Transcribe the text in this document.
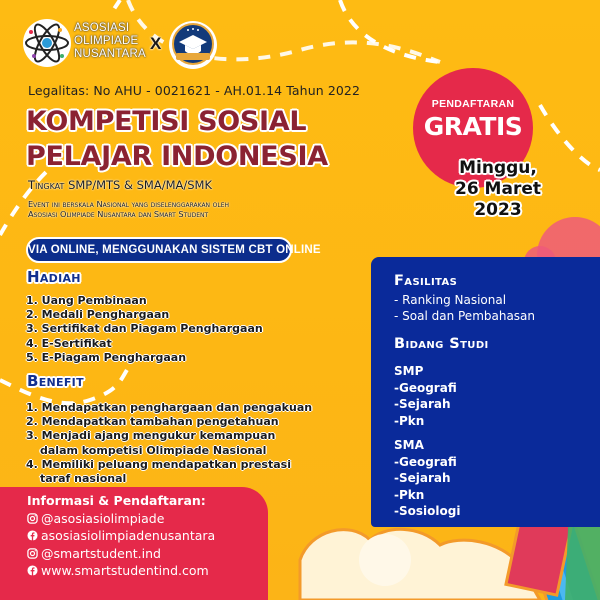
ASOSIASI
OLIMPIADE
NUSANTARA
X
Legalitas: No AHU - 0021621 - AH.01.14 Tahun 2022
KOMPETISI SOSIAL
PELAJAR INDONESIA
Tingkat SMP/MTS & SMA/MA/SMK
Event ini berskala Nasional yang diselenggarakan oleh
Asosiasi Olimpiade Nusantara dan Smart Student
VIA ONLINE, MENGGUNAKAN SISTEM CBT ONLINE
Hadiah
1. Uang Pembinaan
2. Medali Penghargaan
3. Sertifikat dan Piagam Penghargaan
4. E-Sertifikat
5. E-Piagam Penghargaan
Benefit
1. Mendapatkan penghargaan dan pengakuan
2. Mendapatkan tambahan pengetahuan
3. Menjadi ajang mengukur kemampuan
dalam kompetisi Olimpiade Nasional
4. Memiliki peluang mendapatkan prestasi
taraf nasional
Informasi & Pendaftaran:
@asosiasiolimpiade
asosiasiolimpiadenusantara
@smartstudent.ind
www.smartstudentind.com
PENDAFTARAN
GRATIS
Minggu,
26 Maret
2023
Fasilitas
- Ranking Nasional
- Soal dan Pembahasan
Bidang Studi
SMP
-Geografi
-Sejarah
-Pkn
SMA
-Geografi
-Sejarah
-Pkn
-Sosiologi
